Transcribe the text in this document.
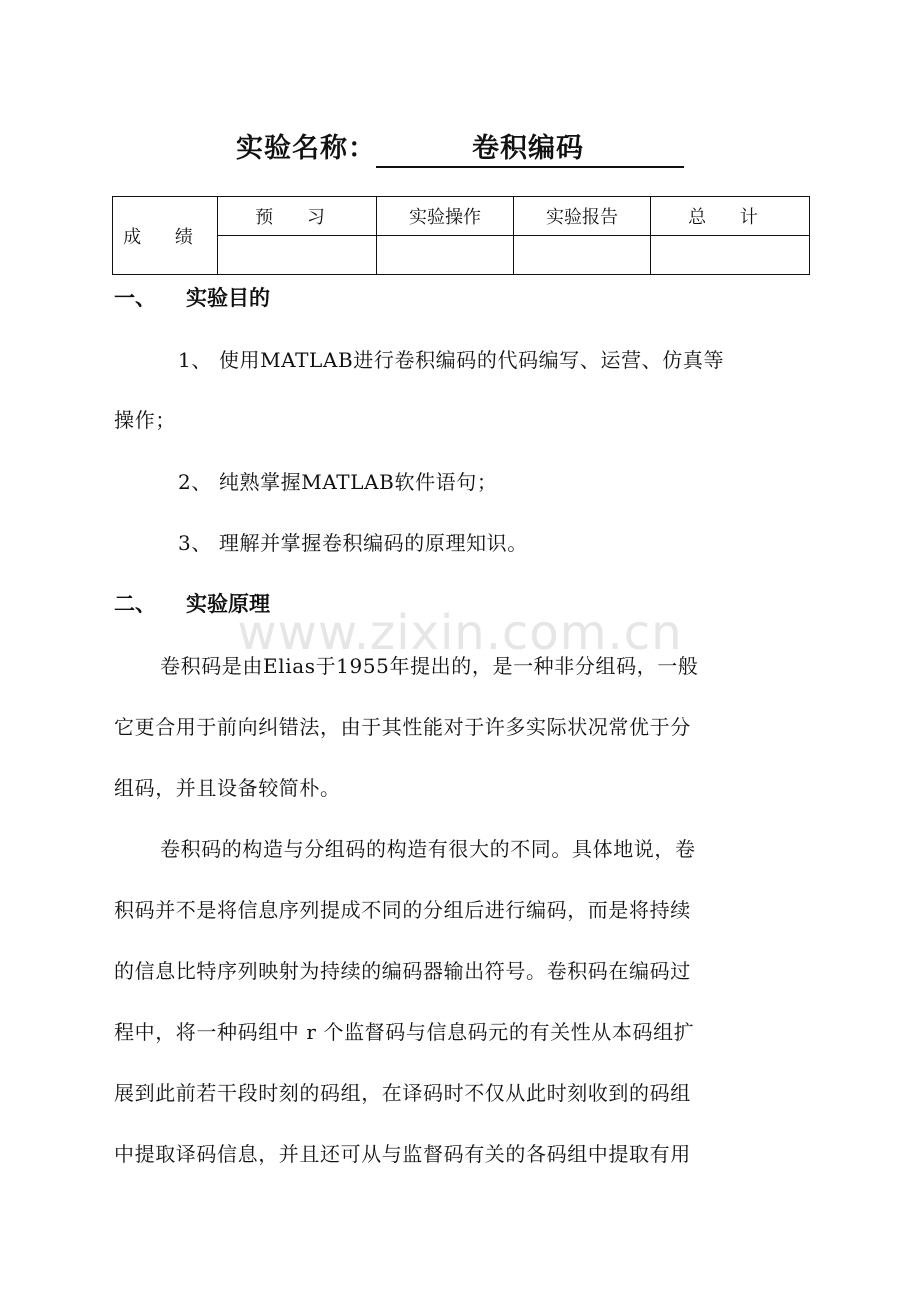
www.zixin.com.cn
实验名称：	卷积编码
成 绩	预 习	实验操作	实验报告	总 计

一、 实验目的
1、 使用MATLAB进行卷积编码的代码编写、运营、仿真等
操作；
2、 纯熟掌握MATLAB软件语句；
3、 理解并掌握卷积编码的原理知识。
二、 实验原理
卷积码是由Elias于1955年提出的，是一种非分组码，一般
它更合用于前向纠错法，由于其性能对于许多实际状况常优于分
组码，并且设备较简朴。
卷积码的构造与分组码的构造有很大的不同。具体地说，卷
积码并不是将信息序列提成不同的分组后进行编码，而是将持续
的信息比特序列映射为持续的编码器输出符号。卷积码在编码过
程中，将一种码组中 r 个监督码与信息码元的有关性从本码组扩
展到此前若干段时刻的码组，在译码时不仅从此时刻收到的码组
中提取译码信息，并且还可从与监督码有关的各码组中提取有用
